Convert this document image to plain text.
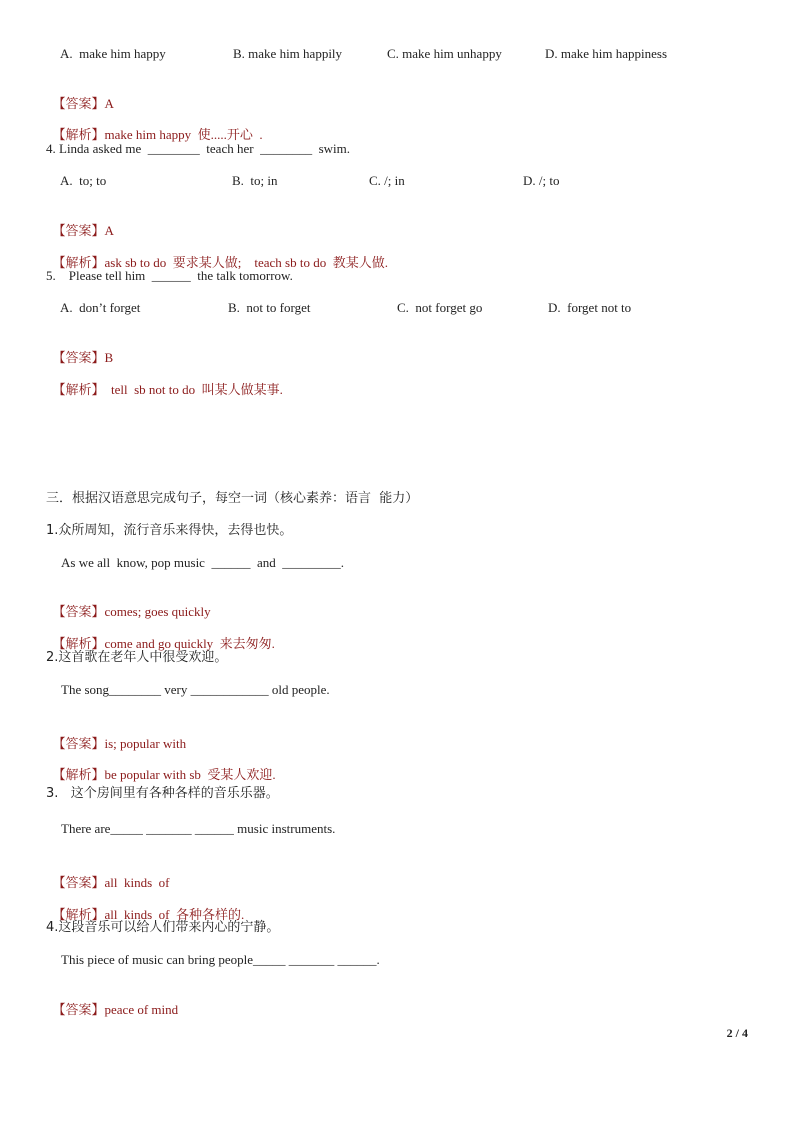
A.  make him happy	B. make him happily	C. make him unhappy	D. make him happiness

【答案】A

【解析】make him happy  使.....开心  .

4. Linda asked me  ________  teach her  ________  swim.
A.  to; to	B.  to; in	C. /; in	D. /; to

【答案】A

【解析】ask sb to do  要求某人做;    teach sb to do  教某人做.

5.    Please tell him  ______  the talk tomorrow.
A.  don’t forget	B.  not to forget	C.  not forget go	D.  forget not to

【答案】B

【解析】  tell  sb not to do  叫某人做某事.

三．根据汉语意思完成句子，每空一词（核心素养：语言  能力）
1.众所周知，流行音乐来得快，去得也快。
As we all  know, pop music  ______  and  _________.

【答案】comes; goes quickly

【解析】come and go quickly  来去匆匆.

2.这首歌在老年人中很受欢迎。
The song________ very ____________ old people.

【答案】is; popular with

【解析】be popular with sb  受某人欢迎.

3.   这个房间里有各种各样的音乐乐器。
There are_____ _______ ______ music instruments.

【答案】all  kinds  of

【解析】all  kinds  of  各种各样的.

4.这段音乐可以给人们带来内心的宁静。
This piece of music can bring people_____ _______ ______.

【答案】peace of mind

2 / 4
